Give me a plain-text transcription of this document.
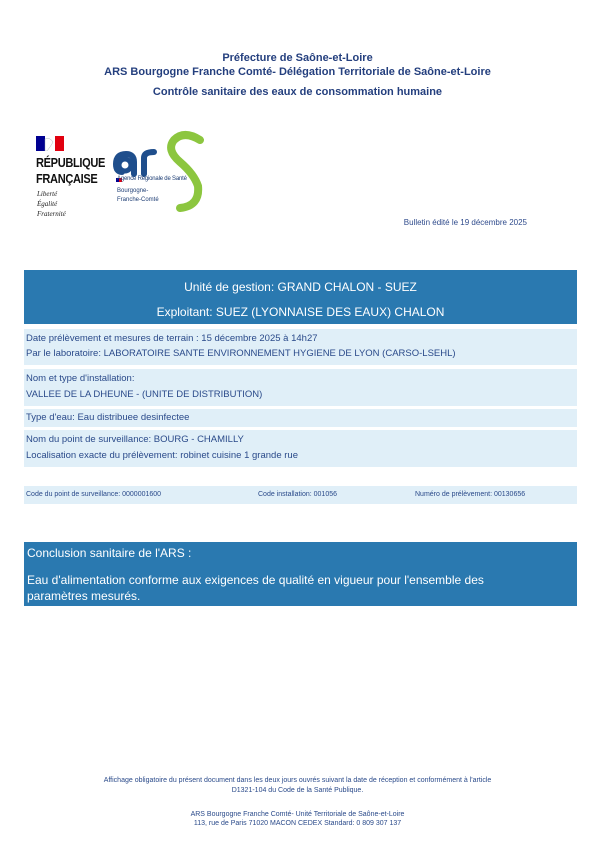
Préfecture de Saône-et-Loire
ARS Bourgogne Franche Comté- Délégation Territoriale de Saône-et-Loire
Contrôle sanitaire des eaux de consommation humaine
RÉPUBLIQUE
FRANÇAISE
Liberté
Égalité
Fraternité
Agence Régionale de Santé
Bourgogne-
Franche-Comté
Bulletin édité le 19 décembre 2025
Unité de gestion: GRAND CHALON - SUEZ
Exploitant: SUEZ (LYONNAISE DES EAUX) CHALON
Date prélèvement et mesures de terrain : 15 décembre 2025 à 14h27
Par le laboratoire: LABORATOIRE SANTE ENVIRONNEMENT HYGIENE DE LYON (CARSO-LSEHL)
Nom et type d'installation:
VALLEE DE LA DHEUNE - (UNITE DE DISTRIBUTION)
Type d'eau: Eau distribuee desinfectee
Nom du point de surveillance: BOURG - CHAMILLY
Localisation exacte du prélèvement: robinet cuisine 1 grande rue
Code du point de surveillance: 0000001600	Code installation: 001056	Numéro de prélèvement: 00130656
Conclusion sanitaire de l'ARS :
Eau d'alimentation conforme aux exigences de qualité en vigueur pour l'ensemble des
paramètres mesurés.
Affichage obligatoire du présent document dans les deux jours ouvrés suivant la date de réception et conformément à l'article
D1321-104 du Code de la Santé Publique.
ARS Bourgogne Franche Comté- Unité Territoriale de Saône-et-Loire
113, rue de Paris 71020 MACON CEDEX Standard: 0 809 307 137
